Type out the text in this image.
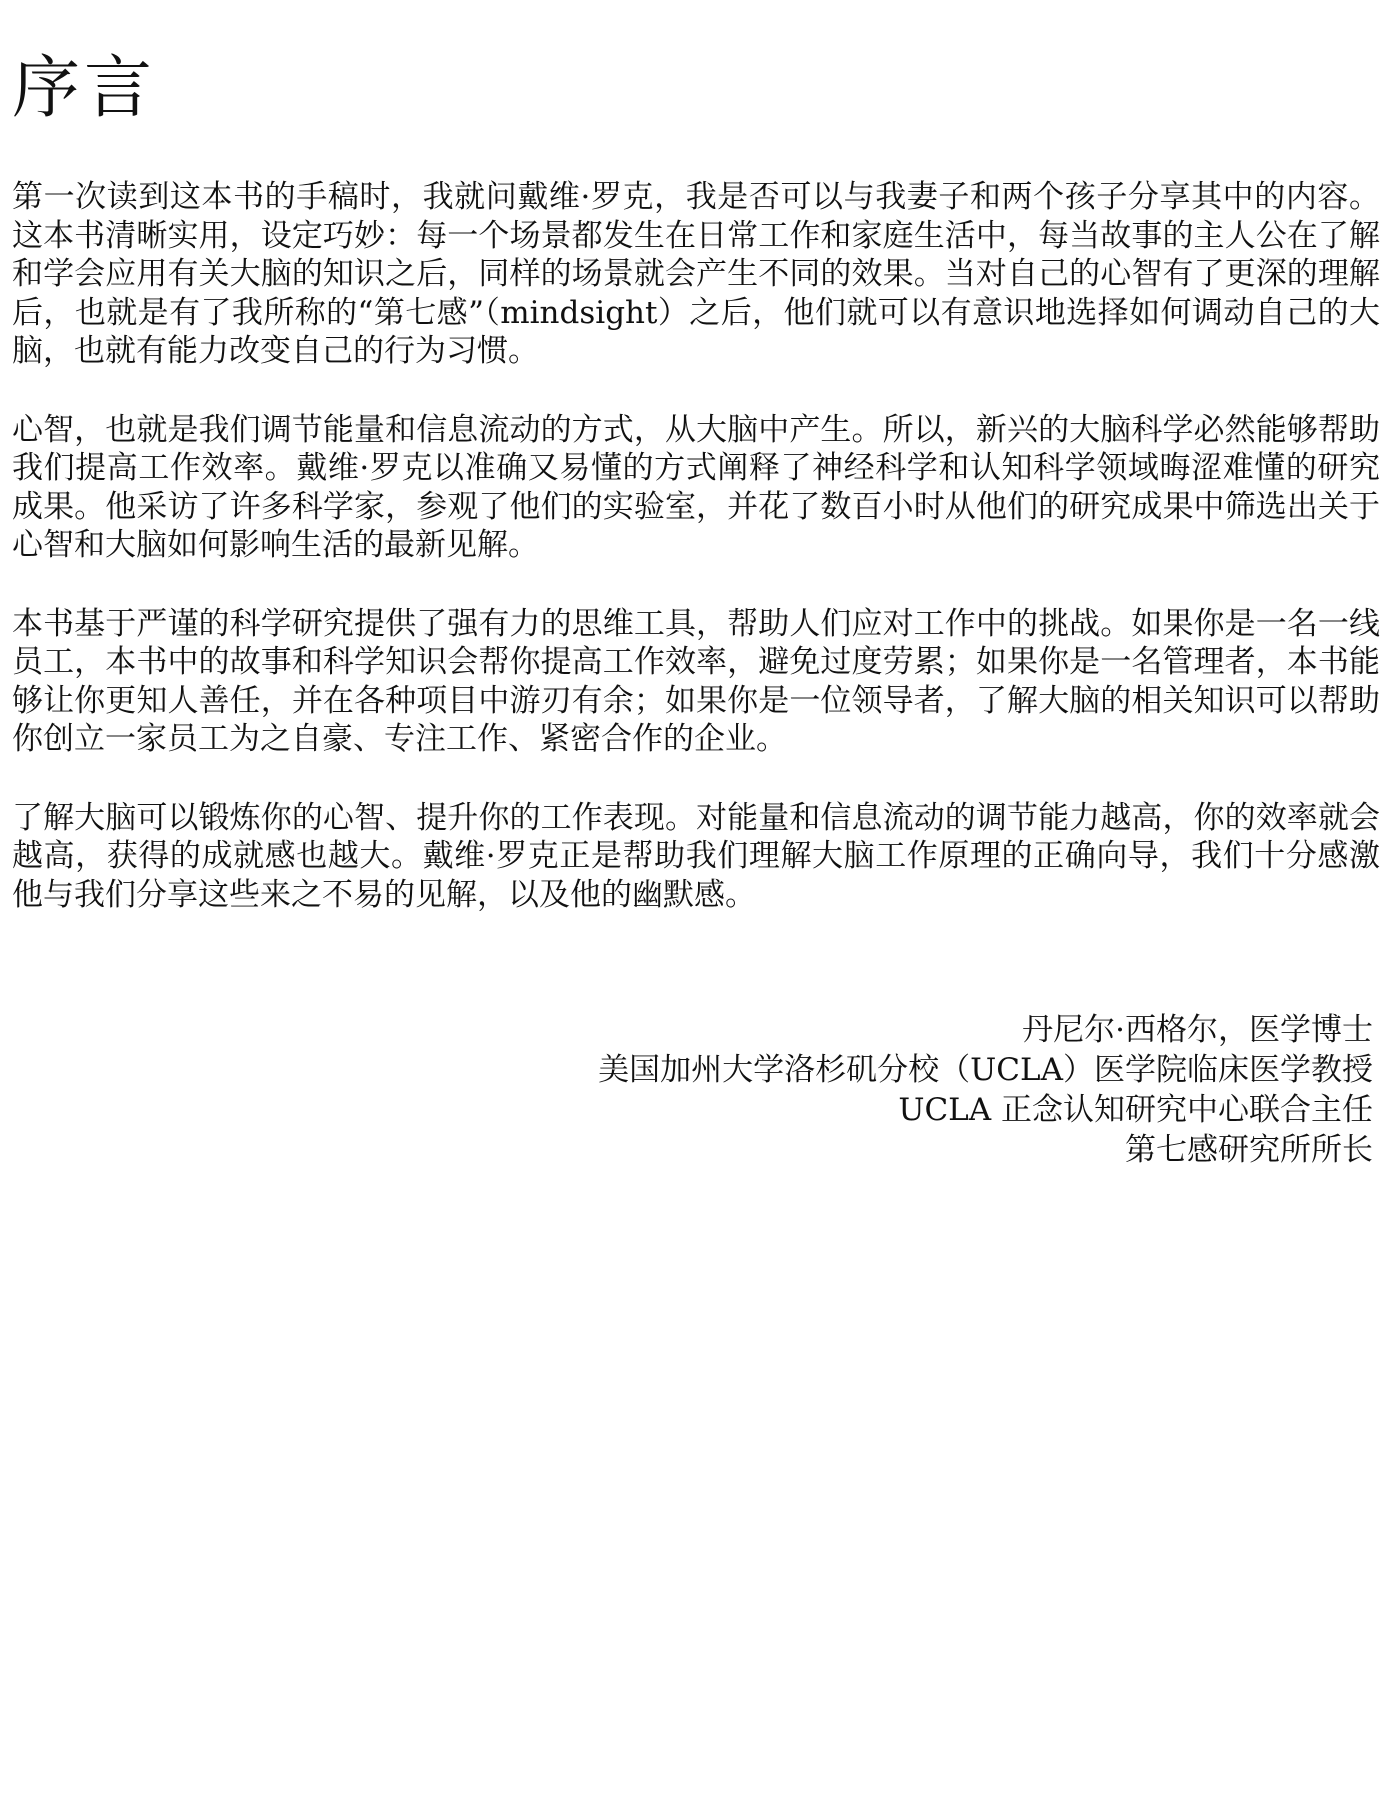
序言

第一次读到这本书的手稿时，我就问戴维·罗克，我是否可以与我妻子和两个孩子分享其中的内容。这本书清晰实用，设定巧妙：每一个场景都发生在日常工作和家庭生活中，每当故事的主人公在了解和学会应用有关大脑的知识之后，同样的场景就会产生不同的效果。当对自己的心智有了更深的理解后，也就是有了我所称的“第七感”（mindsight）之后，他们就可以有意识地选择如何调动自己的大脑，也就有能力改变自己的行为习惯。

心智，也就是我们调节能量和信息流动的方式，从大脑中产生。所以，新兴的大脑科学必然能够帮助我们提高工作效率。戴维·罗克以准确又易懂的方式阐释了神经科学和认知科学领域晦涩难懂的研究成果。他采访了许多科学家，参观了他们的实验室，并花了数百小时从他们的研究成果中筛选出关于心智和大脑如何影响生活的最新见解。

本书基于严谨的科学研究提供了强有力的思维工具，帮助人们应对工作中的挑战。如果你是一名一线员工，本书中的故事和科学知识会帮你提高工作效率，避免过度劳累；如果你是一名管理者，本书能够让你更知人善任，并在各种项目中游刃有余；如果你是一位领导者，了解大脑的相关知识可以帮助你创立一家员工为之自豪、专注工作、紧密合作的企业。

了解大脑可以锻炼你的心智、提升你的工作表现。对能量和信息流动的调节能力越高，你的效率就会越高，获得的成就感也越大。戴维·罗克正是帮助我们理解大脑工作原理的正确向导，我们十分感激他与我们分享这些来之不易的见解，以及他的幽默感。

丹尼尔·西格尔，医学博士
美国加州大学洛杉矶分校（UCLA）医学院临床医学教授
UCLA 正念认知研究中心联合主任
第七感研究所所长
